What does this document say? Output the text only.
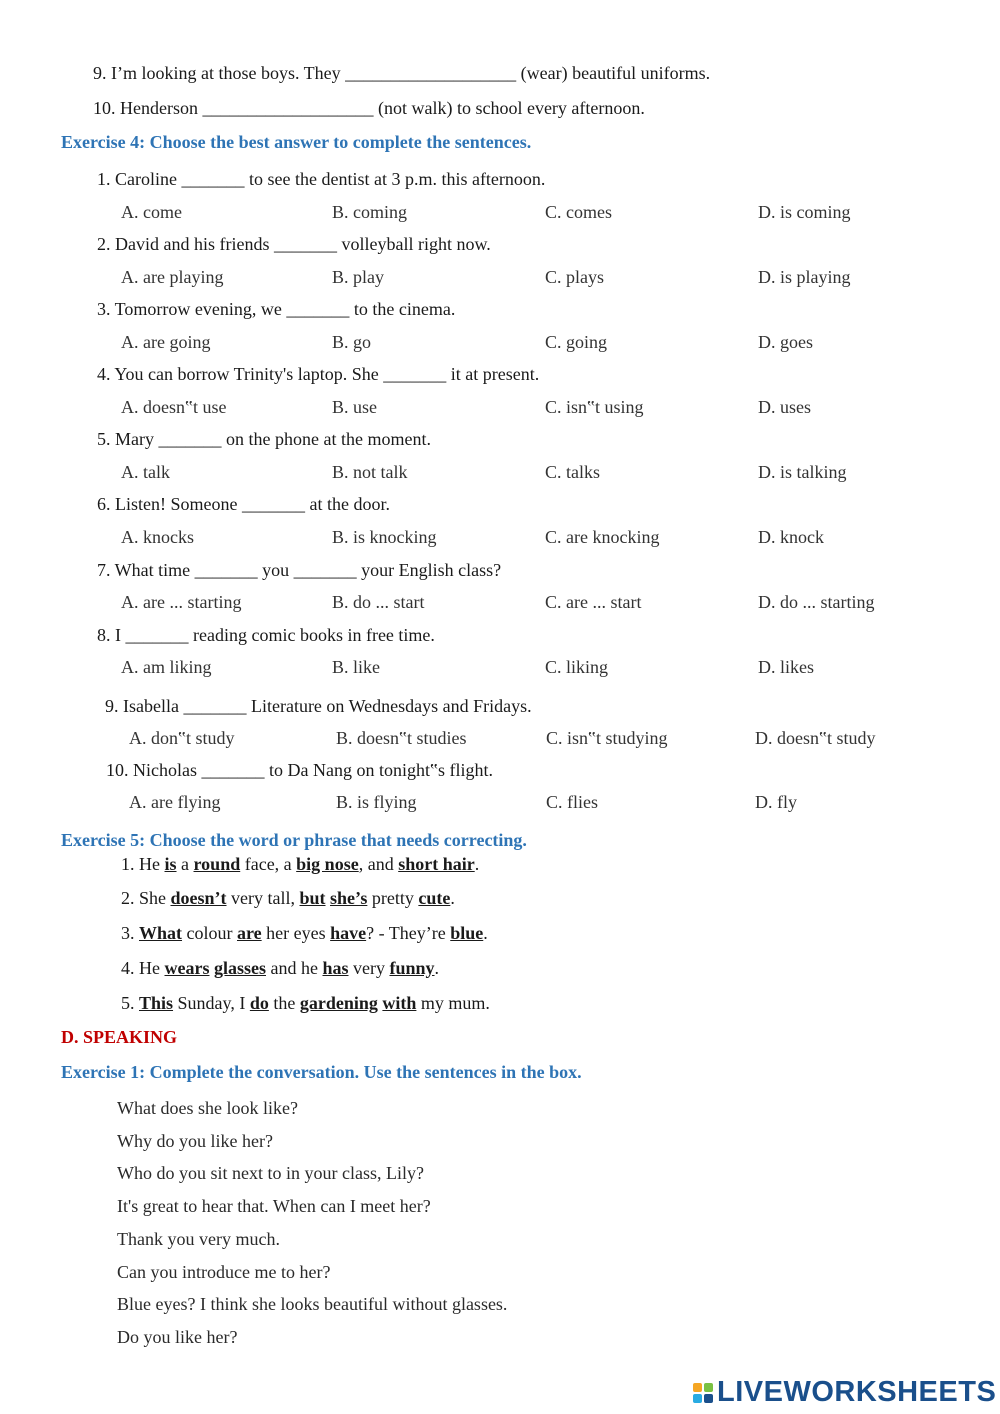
9. I’m looking at those boys. They ___________________ (wear) beautiful uniforms.
10. Henderson ___________________ (not walk) to school every afternoon.
Exercise 4: Choose the best answer to complete the sentences.
1. Caroline _______ to see the dentist at 3 p.m. this afternoon.
A. come	B. coming	C. comes	D. is coming
2. David and his friends _______ volleyball right now.
A. are playing	B. play	C. plays	D. is playing
3. Tomorrow evening, we _______ to the cinema.
A. are going	B. go	C. going	D. goes
4. You can borrow Trinity's laptop. She _______ it at present.
A. doesn‟t use	B. use	C. isn‟t using	D. uses
5. Mary _______ on the phone at the moment.
A. talk	B. not talk	C. talks	D. is talking
6. Listen! Someone _______ at the door.
A. knocks	B. is knocking	C. are knocking	D. knock
7. What time _______ you _______ your English class?
A. are ... starting	B. do ... start	C. are ... start	D. do ... starting
8. I _______ reading comic books in free time.
A. am liking	B. like	C. liking	D. likes
9. Isabella _______ Literature on Wednesdays and Fridays.
A. don‟t study	B. doesn‟t studies	C. isn‟t studying	D. doesn‟t study
10. Nicholas _______ to Da Nang on tonight‟s flight.
A. are flying	B. is flying	C. flies	D. fly
Exercise 5: Choose the word or phrase that needs correcting.
1. He is a round face, a big nose, and short hair.
2. She doesn’t very tall, but she’s pretty cute.
3. What colour are her eyes have? - They’re blue.
4. He wears glasses and he has very funny.
5. This Sunday, I do the gardening with my mum.
D. SPEAKING
Exercise 1: Complete the conversation. Use the sentences in the box.
What does she look like?
Why do you like her?
Who do you sit next to in your class, Lily?
It's great to hear that. When can I meet her?
Thank you very much.
Can you introduce me to her?
Blue eyes? I think she looks beautiful without glasses.
Do you like her?
LIVEWORKSHEETS
